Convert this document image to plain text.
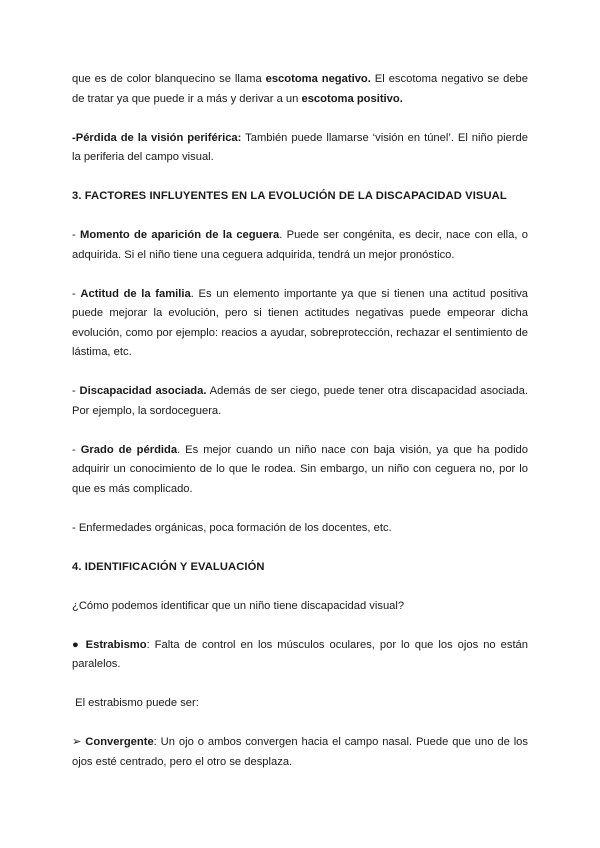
que es de color blanquecino se llama escotoma negativo. El escotoma negativo se debe de tratar ya que puede ir a más y derivar a un escotoma positivo.

-Pérdida de la visión periférica: También puede llamarse ‘visión en túnel’. El niño pierde la periferia del campo visual.

3. FACTORES INFLUYENTES EN LA EVOLUCIÓN DE LA DISCAPACIDAD VISUAL

- Momento de aparición de la ceguera. Puede ser congénita, es decir, nace con ella, o adquirida. Si el niño tiene una ceguera adquirida, tendrá un mejor pronóstico.

- Actitud de la familia. Es un elemento importante ya que si tienen una actitud positiva puede mejorar la evolución, pero si tienen actitudes negativas puede empeorar dicha evolución, como por ejemplo: reacios a ayudar, sobreprotección, rechazar el sentimiento de lástima, etc.

- Discapacidad asociada. Además de ser ciego, puede tener otra discapacidad asociada. Por ejemplo, la sordoceguera.

- Grado de pérdida. Es mejor cuando un niño nace con baja visión, ya que ha podido adquirir un conocimiento de lo que le rodea. Sin embargo, un niño con ceguera no, por lo que es más complicado.

- Enfermedades orgánicas, poca formación de los docentes, etc.

4. IDENTIFICACIÓN Y EVALUACIÓN

¿Cómo podemos identificar que un niño tiene discapacidad visual?

● Estrabismo: Falta de control en los músculos oculares, por lo que los ojos no están paralelos.

El estrabismo puede ser:

➢ Convergente: Un ojo o ambos convergen hacia el campo nasal. Puede que uno de los ojos esté centrado, pero el otro se desplaza.
